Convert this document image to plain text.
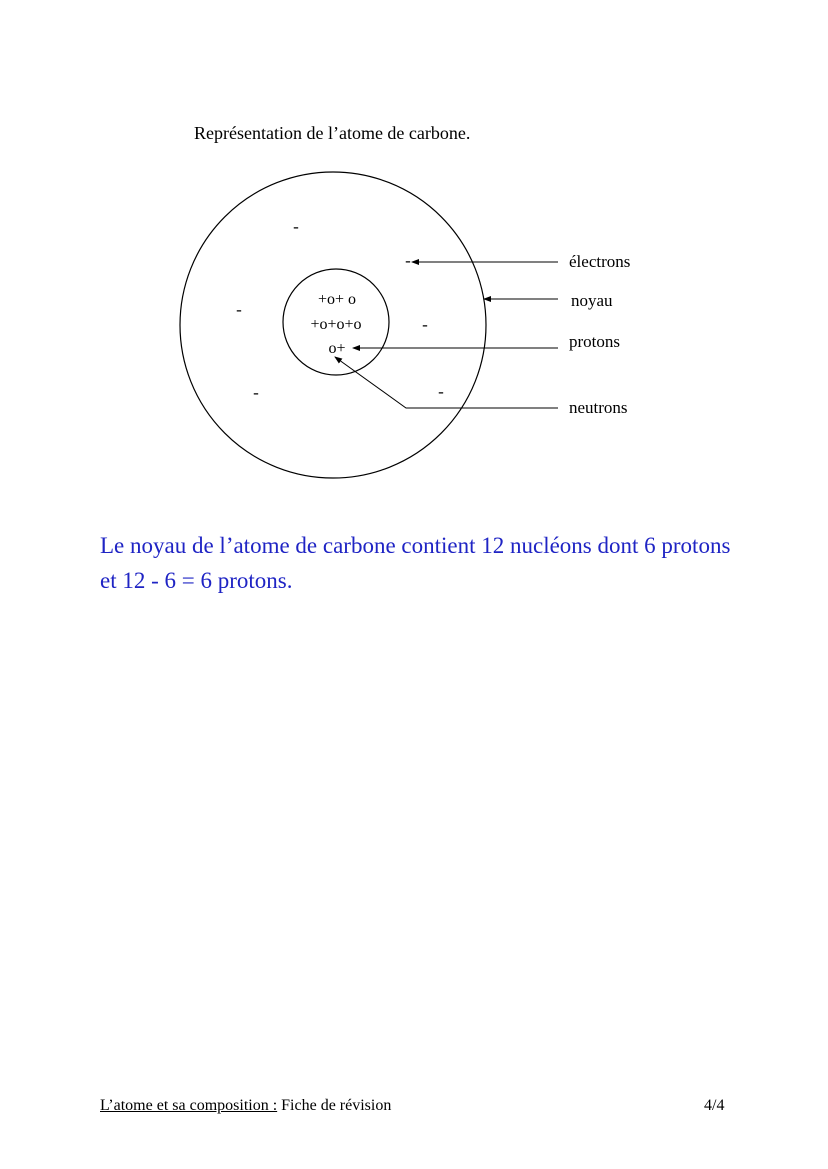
Représentation de l’atome de carbone.
-
-
-
-
-	-
+o+ o
+o+o+o
o+
électrons
noyau
protons
neutrons
Le noyau de l’atome de carbone contient 12 nucléons dont 6 protons et 12 - 6 = 6 protons.
L’atome et sa composition : Fiche de révision	4/4
